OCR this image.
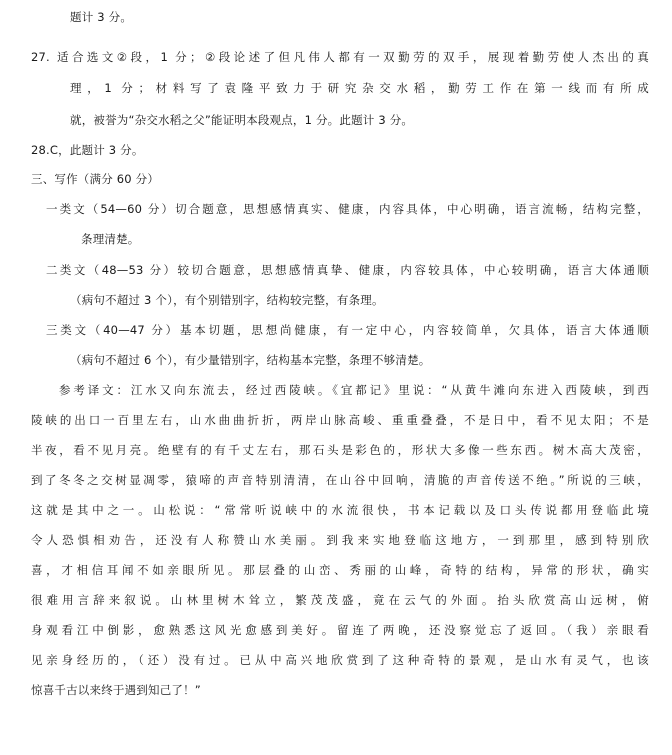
题计 3 分。
27. 适合选文②段，1 分；②段论述了但凡伟人都有一双勤劳的双手，展现着勤劳使人杰出的真
理，1 分；材料写了袁隆平致力于研究杂交水稻，勤劳工作在第一线而有所成
就，被誉为“杂交水稻之父”能证明本段观点，1 分。此题计 3 分。
28.C，此题计 3 分。
三、写作（满分 60 分）
一类文（54—60 分）切合题意，思想感情真实、健康，内容具体，中心明确，语言流畅，结构完整，
条理清楚。
二类文（48—53 分）较切合题意，思想感情真挚、健康，内容较具体，中心较明确，语言大体通顺
（病句不超过 3 个），有个别错别字，结构较完整，有条理。
三类文（40—47 分）基本切题，思想尚健康，有一定中心，内容较简单，欠具体，语言大体通顺
（病句不超过 6 个），有少量错别字，结构基本完整，条理不够清楚。
参考译文：江水又向东流去，经过西陵峡。《宜都记》里说：“从黄牛滩向东进入西陵峡，到西
陵峡的出口一百里左右，山水曲曲折折，两岸山脉高峻、重重叠叠，不是日中，看不见太阳；不是
半夜，看不见月亮。绝壁有的有千丈左右，那石头是彩色的，形状大多像一些东西。树木高大茂密，
到了冬冬之交树显凋零，猿啼的声音特别清清，在山谷中回响，清脆的声音传送不绝。”所说的三峡，
这就是其中之一。山松说：“常常听说峡中的水流很快，书本记载以及口头传说都用登临此境
令人恐惧相劝告，还没有人称赞山水美丽。到我来实地登临这地方，一到那里，感到特别欣
喜，才相信耳闻不如亲眼所见。那层叠的山峦、秀丽的山峰，奇特的结构，异常的形状，确实
很难用言辞来叙说。山林里树木耸立，繁茂茂盛，竟在云气的外面。抬头欣赏高山远树，俯
身观看江中倒影，愈熟悉这风光愈感到美好。留连了两晚，还没察觉忘了返回。（我）亲眼看
见亲身经历的，（还）没有过。已从中高兴地欣赏到了这种奇特的景观，是山水有灵气，也该
惊喜千古以来终于遇到知己了！”
